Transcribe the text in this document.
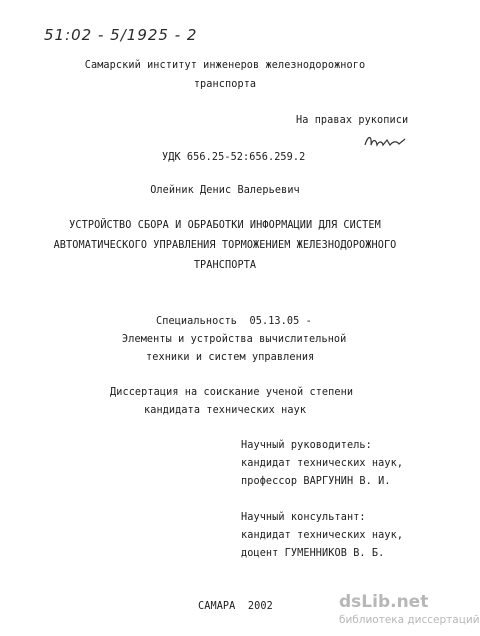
51:02 - 5/1925 - 2
Самарский институт инженеров железнодорожного
транспорта
На правах рукописи
УДК 656.25-52:656.259.2
Олейник Денис Валерьевич
УСТРОЙСТВО СБОРА И ОБРАБОТКИ ИНФОРМАЦИИ ДЛЯ СИСТЕМ
АВТОМАТИЧЕСКОГО УПРАВЛЕНИЯ ТОРМОЖЕНИЕМ ЖЕЛЕЗНОДОРОЖНОГО
ТРАНСПОРТА
Специальность  05.13.05 -
Элементы и устройства вычислительной
техники и систем управления
Диссертация на соискание ученой степени
кандидата технических наук
Научный руководитель:
кандидат технических наук,
профессор ВАРГУНИН В. И.
Научный консультант:
кандидат технических наук,
доцент ГУМЕННИКОВ В. Б.
САМАРА  2002	dsLib.net
библиотека диссертаций
